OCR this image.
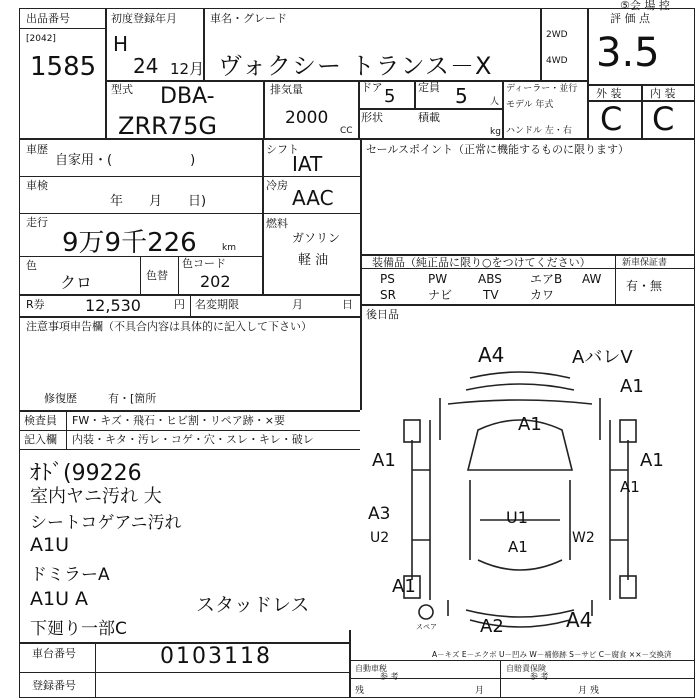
出品番号
[2042]
1585
初度登録年月
H
24 12月
車名・グレード
ヴォクシー トランス－X
2WD
4WD
⑤会 場 控
評 価 点
3.5
外 装	内 装
C C
型式 DBA-
ZRR75G
排気量
2000
CC
ドア 5 定員 5 人
形状	積載
kg
ディーラー・並行
モデル 年式
ハンドル 左・右
車歴
自家用・(　　　　　　)
車検
年　　月　　日)
走行
9万9千226	km
色
クロ	色替
色コード
202
シフト
IAT
冷房
AAC
燃料
ガソリン
軽 油
R券	12,530	円 名変期限	月	日
セールスポイント（正常に機能するものに限ります）
装備品（純正品に限り○をつけてください）	新車保証書
有・無
PS	PW	ABS エアB AW
SR	ナビ	TV	カワ
後日品
注意事項申告欄（不具合内容は具体的に記入して下さい）
修復歴	有・[箇所
検査員
記入欄
FW・キズ・飛石・ヒビ割・リペア跡・×要
内装・キタ・汚レ・コゲ・穴・スレ・キレ・破レ
ｵﾄﾞ(99226
室内ヤニ汚れ 大
シートコゲアニ汚れ
A1U
ドミラーA
A1U A
下廻り一部C
スタッドレス
車台番号	0103118
登録番号
A4	AバレV
A1
A1
A1	A1
A1
A1
U1
A3
U2	W2
A1
A2	A4
スペア
A－キズ E－エクボ U－凹み W－補修跡 S－サビ C－腐食 ××－交換済
自動車税
参 考
自賠責保険
参 考
月	月
残	残
